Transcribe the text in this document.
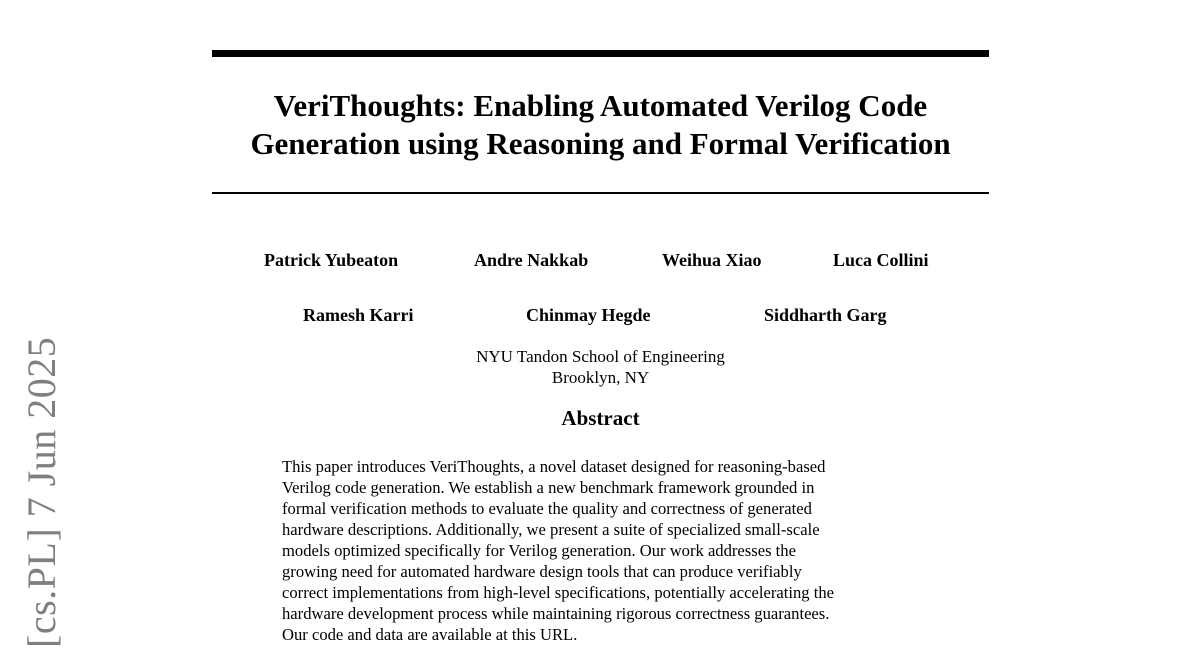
VeriThoughts: Enabling Automated Verilog Code
Generation using Reasoning and Formal Verification
Patrick Yubeaton	Andre Nakkab	Weihua Xiao	Luca Collini
Ramesh Karri	Chinmay Hegde	Siddharth Garg
NYU Tandon School of Engineering
Brooklyn, NY
Abstract
This paper introduces VeriThoughts, a novel dataset designed for reasoning-based
Verilog code generation. We establish a new benchmark framework grounded in
formal verification methods to evaluate the quality and correctness of generated
hardware descriptions. Additionally, we present a suite of specialized small-scale
models optimized specifically for Verilog generation. Our work addresses the
growing need for automated hardware design tools that can produce verifiably
correct implementations from high-level specifications, potentially accelerating the
hardware development process while maintaining rigorous correctness guarantees.
Our code and data are available at this URL.
[cs.PL] 7 Jun 2025
